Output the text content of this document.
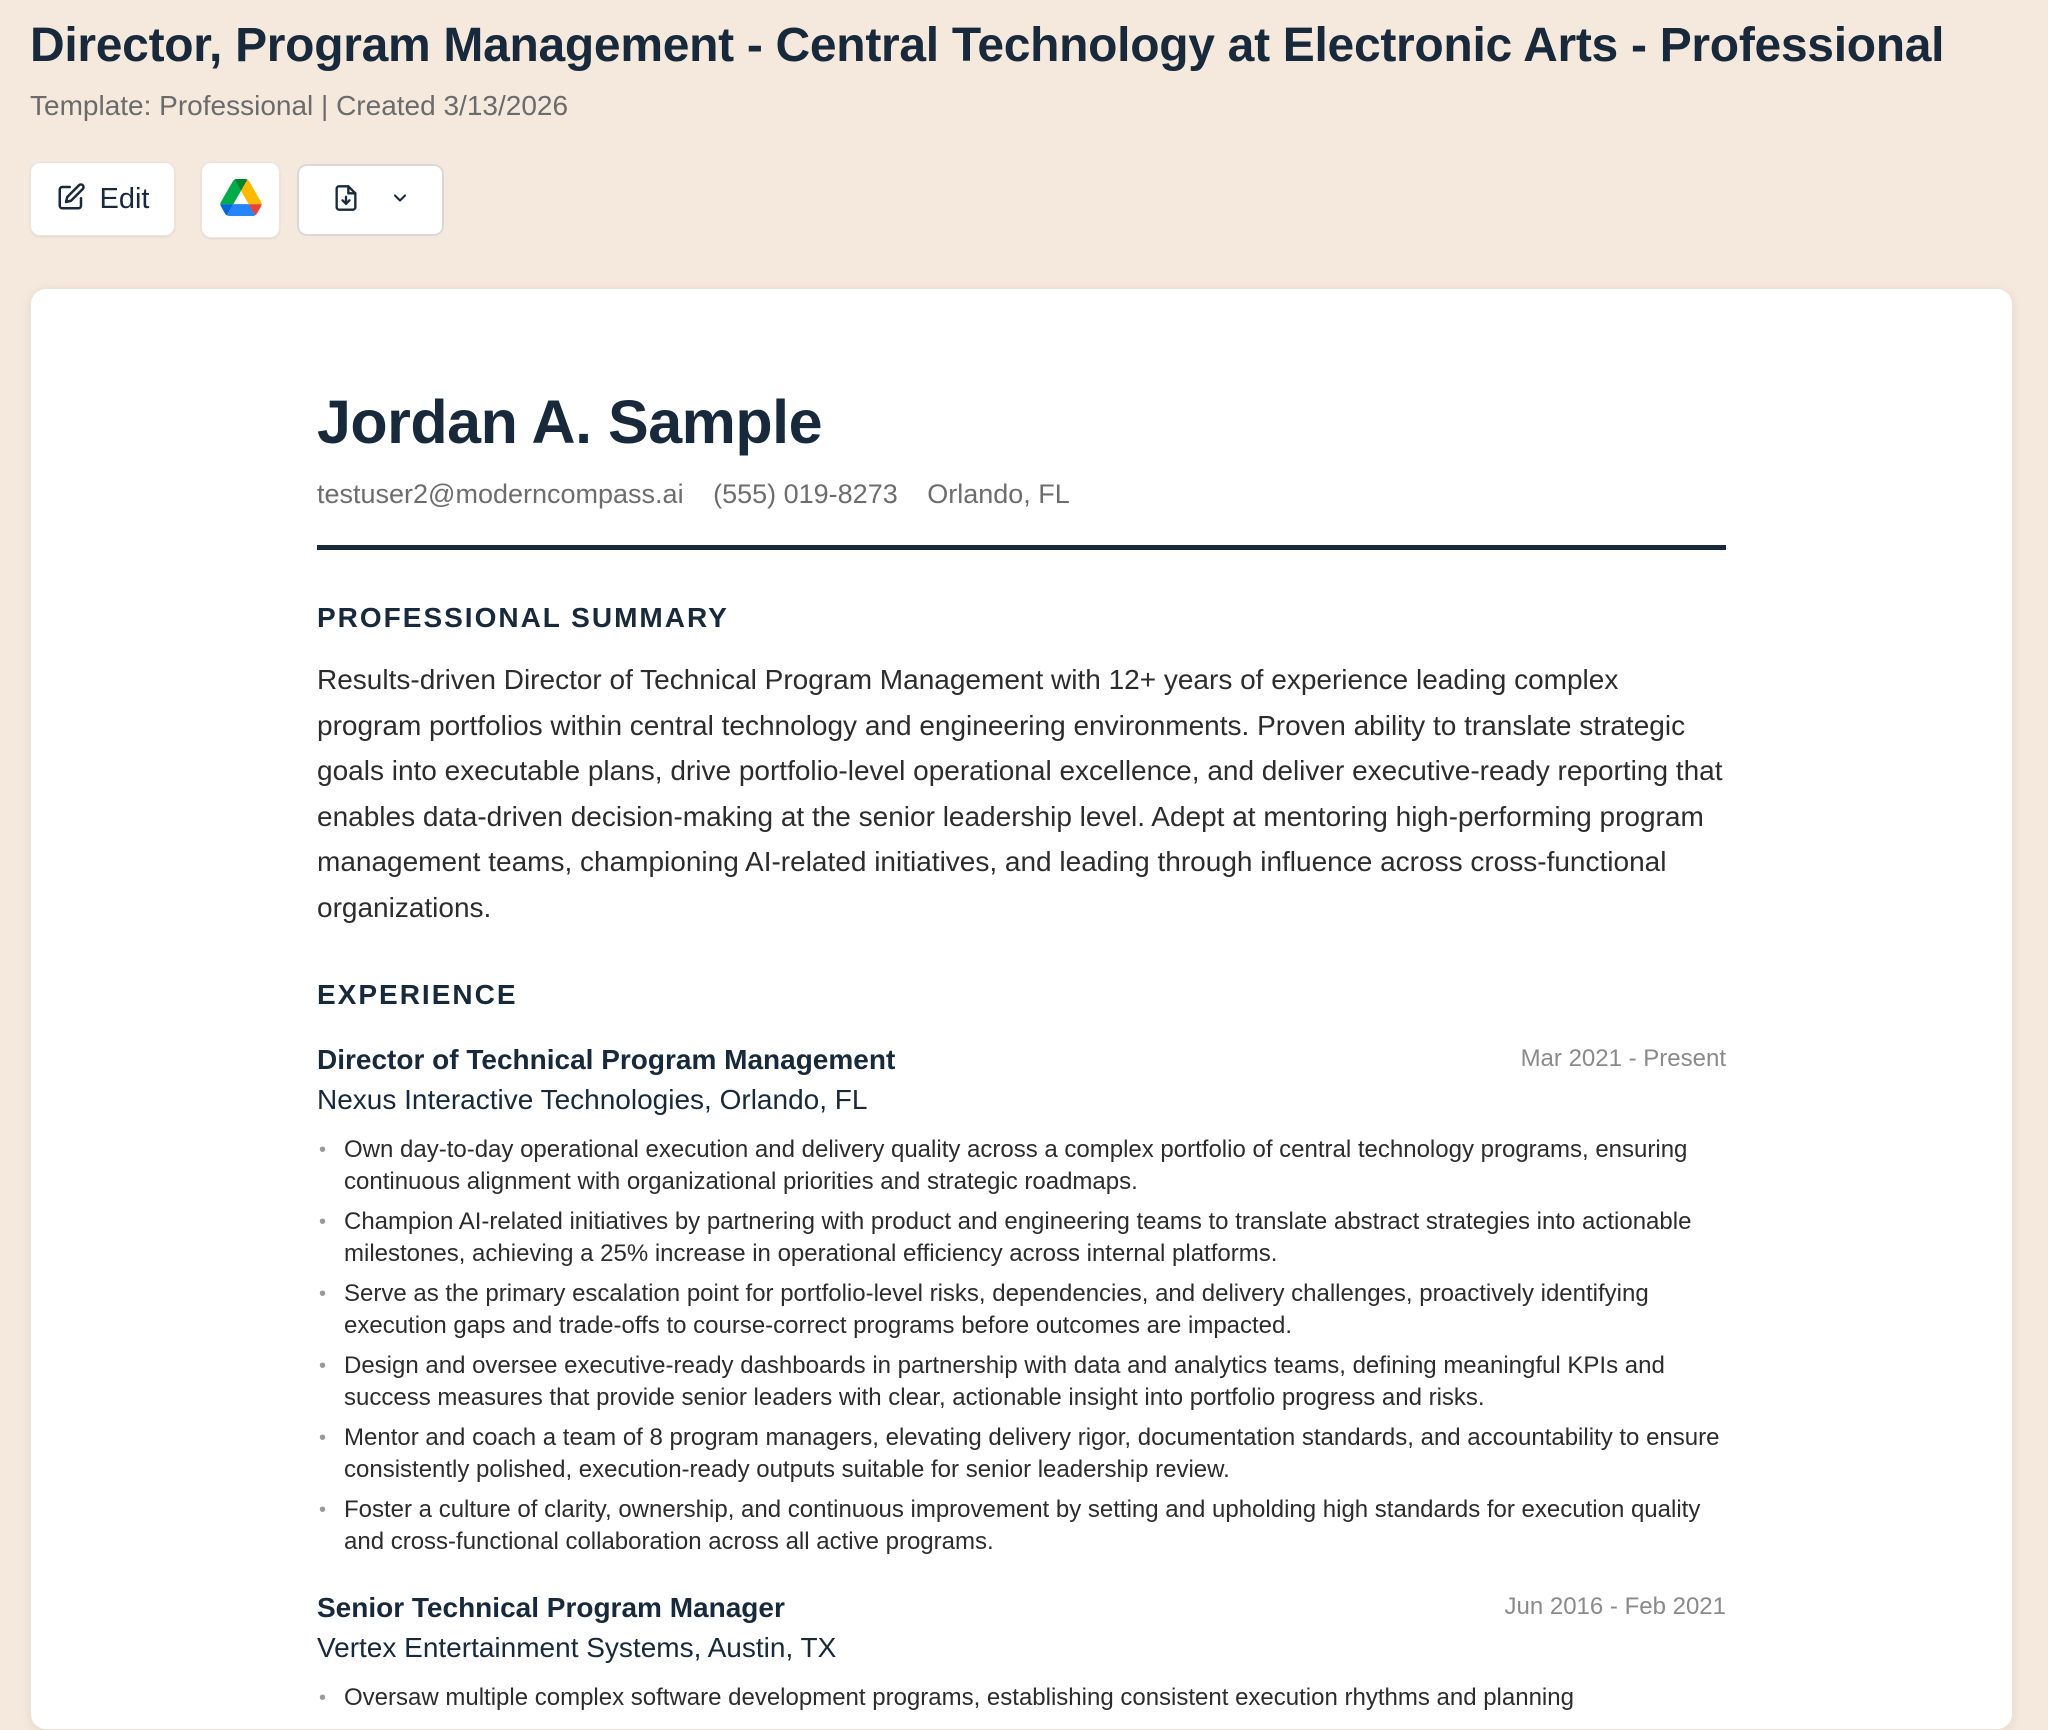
Director, Program Management - Central Technology at Electronic Arts - Professional
Template: Professional | Created 3/13/2026
Edit
Jordan A. Sample
testuser2@moderncompass.ai (555) 019-8273 Orlando, FL
PROFESSIONAL SUMMARY
Results-driven Director of Technical Program Management with 12+ years of experience leading complex program portfolios within central technology and engineering environments. Proven ability to translate strategic goals into executable plans, drive portfolio-level operational excellence, and deliver executive-ready reporting that enables data-driven decision-making at the senior leadership level. Adept at mentoring high-performing program management teams, championing AI-related initiatives, and leading through influence across cross-functional organizations.
EXPERIENCE
Director of Technical Program Management	Mar 2021 - Present
Nexus Interactive Technologies, Orlando, FL
• Own day-to-day operational execution and delivery quality across a complex portfolio of central technology programs, ensuring continuous alignment with organizational priorities and strategic roadmaps.
• Champion AI-related initiatives by partnering with product and engineering teams to translate abstract strategies into actionable milestones, achieving a 25% increase in operational efficiency across internal platforms.
• Serve as the primary escalation point for portfolio-level risks, dependencies, and delivery challenges, proactively identifying execution gaps and trade-offs to course-correct programs before outcomes are impacted.
• Design and oversee executive-ready dashboards in partnership with data and analytics teams, defining meaningful KPIs and success measures that provide senior leaders with clear, actionable insight into portfolio progress and risks.
• Mentor and coach a team of 8 program managers, elevating delivery rigor, documentation standards, and accountability to ensure consistently polished, execution-ready outputs suitable for senior leadership review.
• Foster a culture of clarity, ownership, and continuous improvement by setting and upholding high standards for execution quality and cross-functional collaboration across all active programs.
Senior Technical Program Manager	Jun 2016 - Feb 2021
Vertex Entertainment Systems, Austin, TX
• Oversaw multiple complex software development programs, establishing consistent execution rhythms and planning
